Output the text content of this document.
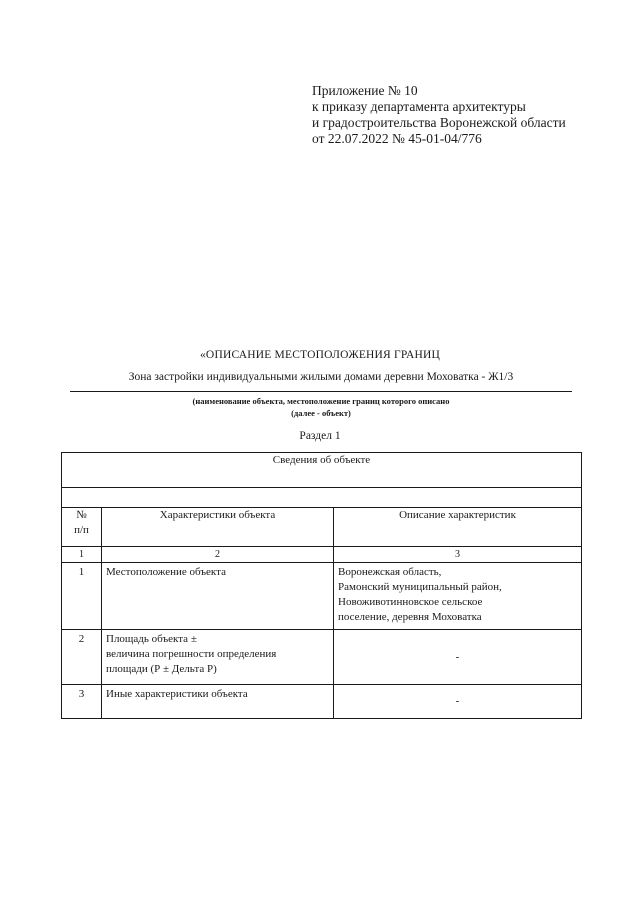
Приложение № 10
к приказу департамента архитектуры
и градостроительства Воронежской области
от 22.07.2022 № 45-01-04/776
«ОПИСАНИЕ МЕСТОПОЛОЖЕНИЯ ГРАНИЦ
Зона застройки индивидуальными жилыми домами деревни Моховатка - Ж1/3
(наименование объекта, местоположение границ которого описано
(далее - объект)
Раздел 1
Сведения об объекте		

№
п/п	Характеристики объекта	Описание характеристик
1	2	3
1	Местоположение объекта	Воронежская область,
Рамонский муниципальный район,
Новоживотинновское сельское
поселение, деревня Моховатка
2	Площадь объекта ±
величина погрешности определения
площади (Р ± Дельта Р)	-
3	Иные характеристики объекта	-
